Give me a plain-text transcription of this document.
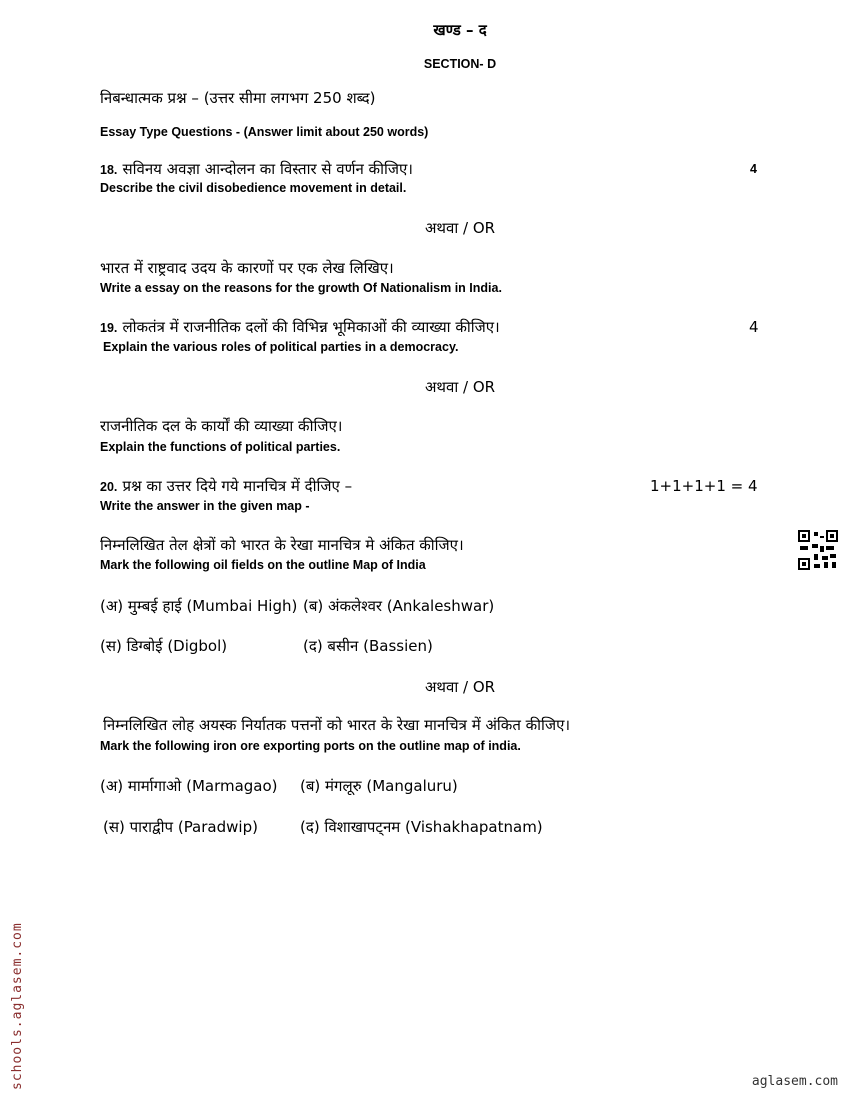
खण्ड – द
SECTION- D
निबन्धात्मक प्रश्न – (उत्तर सीमा लगभग 250 शब्द)
Essay Type Questions - (Answer limit about 250 words)
18. सविनय अवज्ञा आन्दोलन का विस्तार से वर्णन कीजिए।	4
Describe the civil disobedience movement in detail.
अथवा / OR
भारत में राष्ट्रवाद उदय के कारणों पर एक लेख लिखिए।
Write a essay on the reasons for the growth Of Nationalism in India.
19. लोकतंत्र में राजनीतिक दलों की विभिन्न भूमिकाओं की व्याख्या कीजिए।	4
Explain the various roles of political parties in a democracy.
अथवा / OR
राजनीतिक दल के कार्यों की व्याख्या कीजिए।
Explain the functions of political parties.
20. प्रश्न का उत्तर दिये गये मानचित्र में दीजिए –	1+1+1+1 = 4
Write the answer in the given map -
निम्नलिखित तेल क्षेत्रों को भारत के रेखा मानचित्र मे अंकित कीजिए।
Mark the following oil fields on the outline Map of India
(अ) मुम्बई हाई (Mumbai High) (ब) अंकलेश्वर (Ankaleshwar)
(स) डिग्बोई (Digbol)	(द) बसीन (Bassien)
अथवा / OR
निम्नलिखित लोह अयस्क निर्यातक पत्तनों को भारत के रेखा मानचित्र में अंकित कीजिए।
Mark the following iron ore exporting ports on the outline map of india.
(अ) मार्मागाओ (Marmagao) (ब) मंगलूरु (Mangaluru)
(स) पाराद्वीप (Paradwip)	(द) विशाखापट्नम (Vishakhapatnam)
schools.aglasem.com	aglasem.com
